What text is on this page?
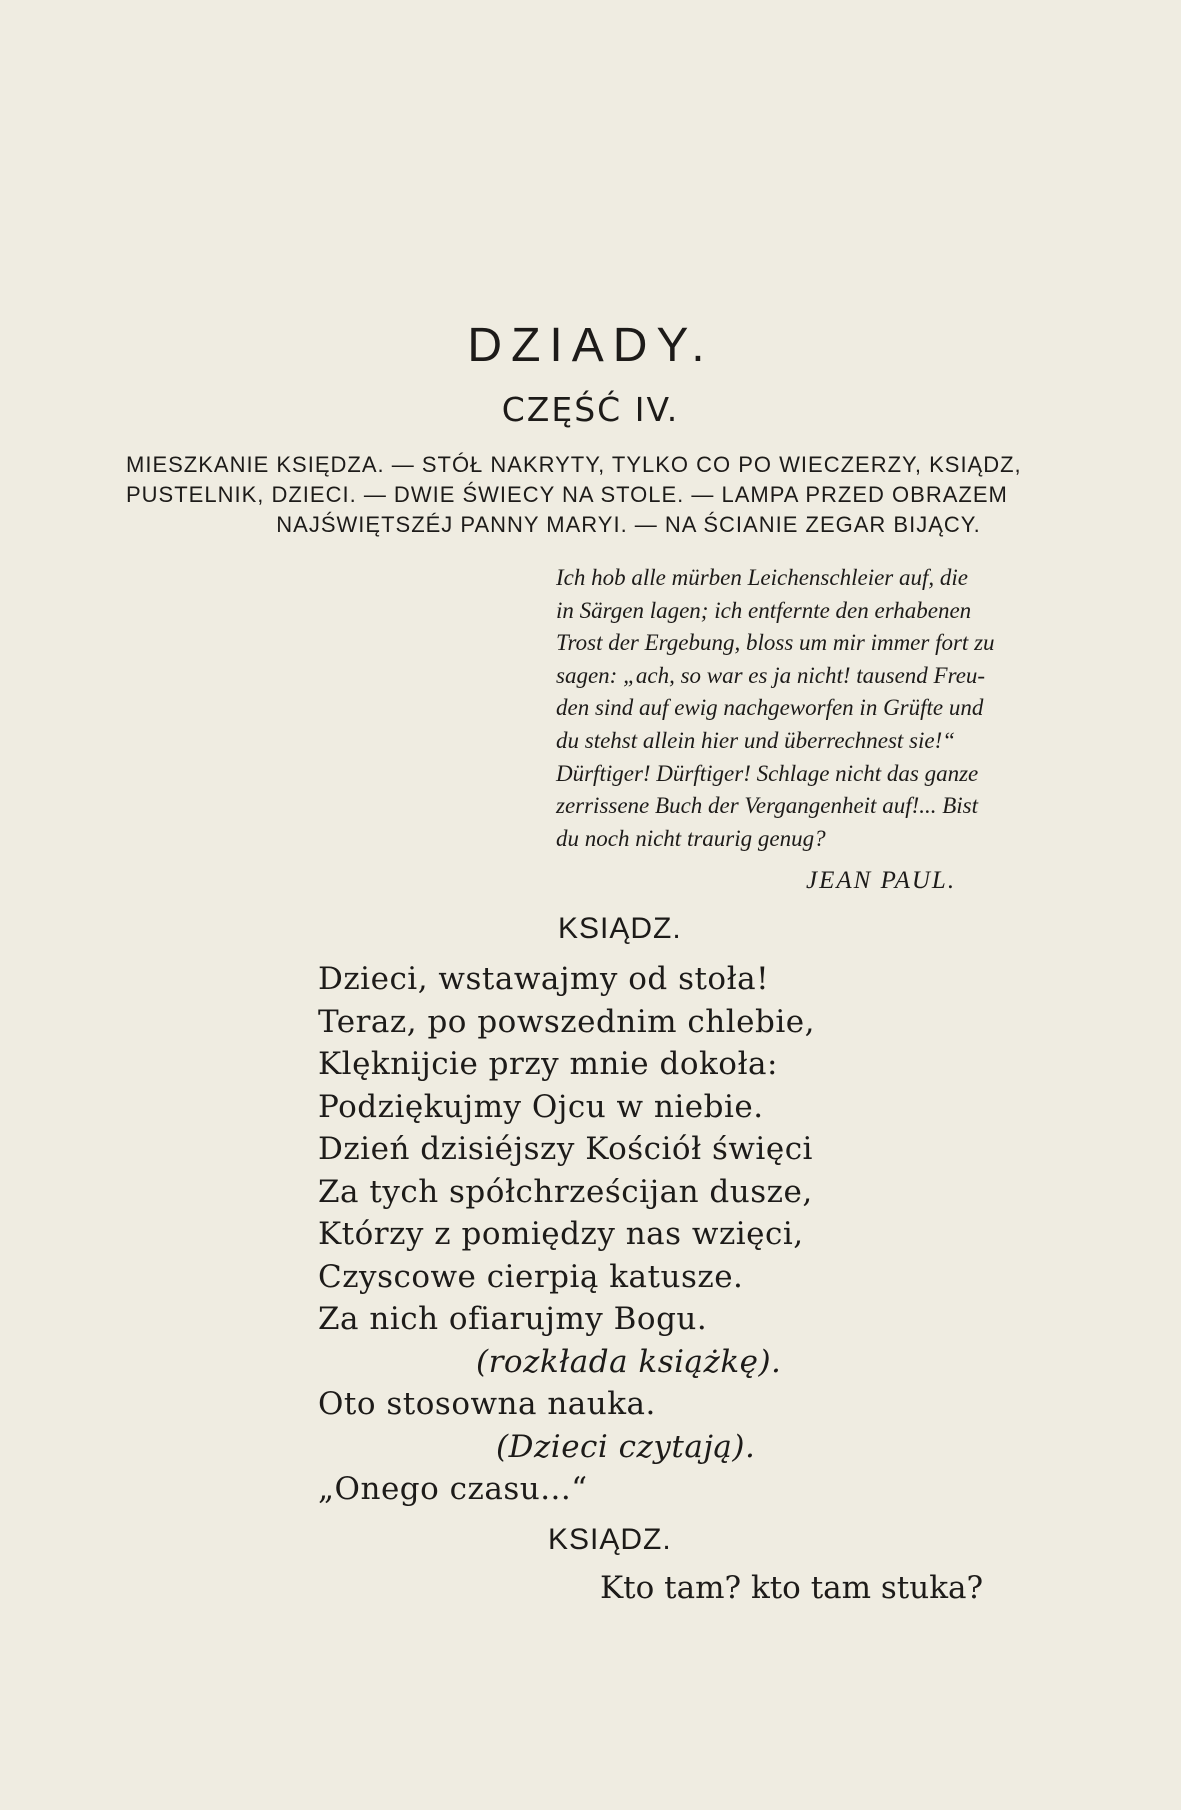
DZIADY.
CZĘŚĆ IV.
MIESZKANIE KSIĘDZA. — STÓŁ NAKRYTY, TYLKO CO PO WIECZERZY, KSIĄDZ,
PUSTELNIK, DZIECI. — DWIE ŚWIECY NA STOLE. — LAMPA PRZED OBRAZEM
NAJŚWIĘTSZÉJ PANNY MARYI. — NA ŚCIANIE ZEGAR BIJĄCY.
Ich hob alle mürben Leichenschleier auf, die
in Särgen lagen; ich entfernte den erhabenen
Trost der Ergebung, bloss um mir immer fort zu
sagen: „ach, so war es ja nicht! tausend Freu-
den sind auf ewig nachgeworfen in Grüfte und
du stehst allein hier und überrechnest sie!“
Dürftiger! Dürftiger! Schlage nicht das ganze
zerrissene Buch der Vergangenheit auf!... Bist
du noch nicht traurig genug?
JEAN PAUL.
KSIĄDZ.
Dzieci, wstawajmy od stoła!
Teraz, po powszednim chlebie,
Klęknijcie przy mnie dokoła:
Podziękujmy Ojcu w niebie.
Dzień dzisiéjszy Kościół święci
Za tych spółchrześcijan dusze,
Którzy z pomiędzy nas wzięci,
Czyscowe cierpią katusze.
Za nich ofiarujmy Bogu.
(rozkłada książkę).
Oto stosowna nauka.
(Dzieci czytają).
„Onego czasu...“
KSIĄDZ.
Kto tam? kto tam stuka?
